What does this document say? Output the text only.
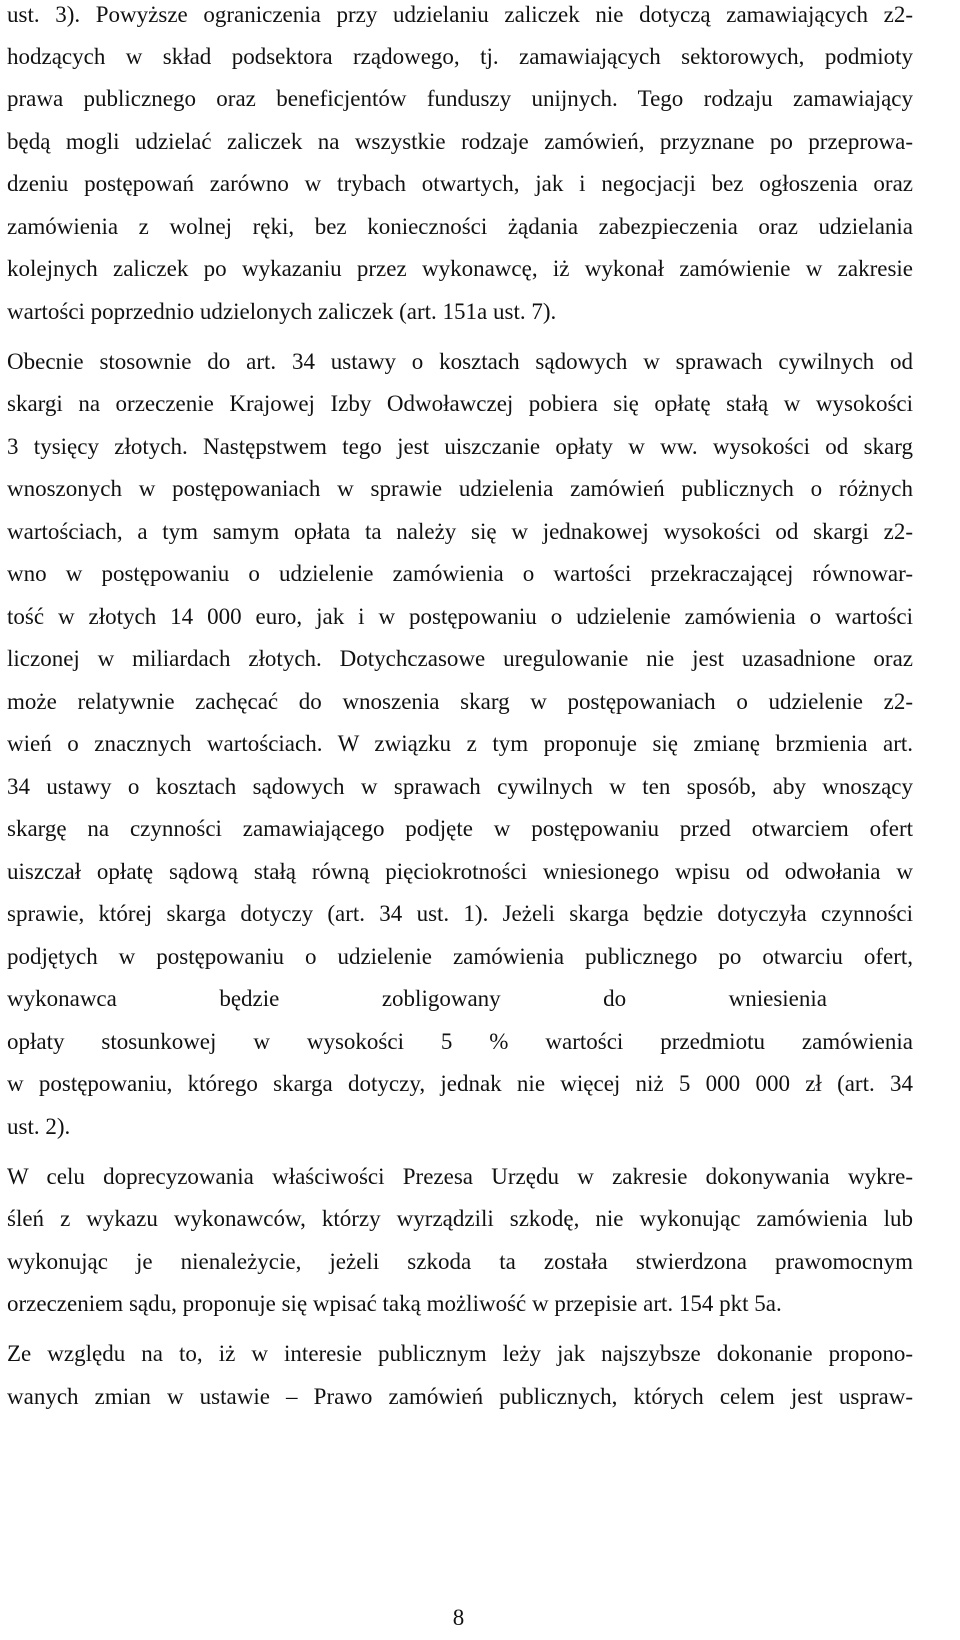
ust. 3). Powyższe ograniczenia przy udzielaniu zaliczek nie dotyczą zamawiających z2-
hodzących w skład podsektora rządowego, tj. zamawiających sektorowych, podmioty
prawa publicznego oraz beneficjentów funduszy unijnych. Tego rodzaju zamawiający
będą mogli udzielać zaliczek na wszystkie rodzaje zamówień, przyznane po przeprowa-
dzeniu postępowań zarówno w trybach otwartych, jak i negocjacji bez ogłoszenia oraz
zamówienia z wolnej ręki, bez konieczności żądania zabezpieczenia oraz udzielania
kolejnych zaliczek po wykazaniu przez wykonawcę, iż wykonał zamówienie w zakresie
wartości poprzednio udzielonych zaliczek (art. 151a ust. 7).
Obecnie stosownie do art. 34 ustawy o kosztach sądowych w sprawach cywilnych od
skargi na orzeczenie Krajowej Izby Odwoławczej pobiera się opłatę stałą w wysokości
3 tysięcy złotych. Następstwem tego jest uiszczanie opłaty w ww. wysokości od skarg
wnoszonych w postępowaniach w sprawie udzielenia zamówień publicznych o różnych
wartościach, a tym samym opłata ta należy się w jednakowej wysokości od skargi z2-
wno w postępowaniu o udzielenie zamówienia o wartości przekraczającej równowar-
tość w złotych 14 000 euro, jak i w postępowaniu o udzielenie zamówienia o wartości
liczonej w miliardach złotych. Dotychczasowe uregulowanie nie jest uzasadnione oraz
może relatywnie zachęcać do wnoszenia skarg w postępowaniach o udzielenie z2-
wień o znacznych wartościach. W związku z tym proponuje się zmianę brzmienia art.
34 ustawy o kosztach sądowych w sprawach cywilnych w ten sposób, aby wnoszący
skargę na czynności zamawiającego podjęte w postępowaniu przed otwarciem ofert
uiszczał opłatę sądową stałą równą pięciokrotności wniesionego wpisu od odwołania w
sprawie, której skarga dotyczy (art. 34 ust. 1). Jeżeli skarga będzie dotyczyła czynności
podjętych w postępowaniu o udzielenie zamówienia publicznego po otwarciu ofert,
wykonawca będzie zobligowany do wniesienia
opłaty stosunkowej w wysokości 5 % wartości przedmiotu zamówienia
w postępowaniu, którego skarga dotyczy, jednak nie więcej niż 5 000 000 zł (art. 34
ust. 2).
W celu doprecyzowania właściwości Prezesa Urzędu w zakresie dokonywania wykre-
śleń z wykazu wykonawców, którzy wyrządzili szkodę, nie wykonując zamówienia lub
wykonując je nienależycie, jeżeli szkoda ta została stwierdzona prawomocnym
orzeczeniem sądu, proponuje się wpisać taką możliwość w przepisie art. 154 pkt 5a.
Ze względu na to, iż w interesie publicznym leży jak najszybsze dokonanie propono-
wanych zmian w ustawie – Prawo zamówień publicznych, których celem jest uspraw-
8
